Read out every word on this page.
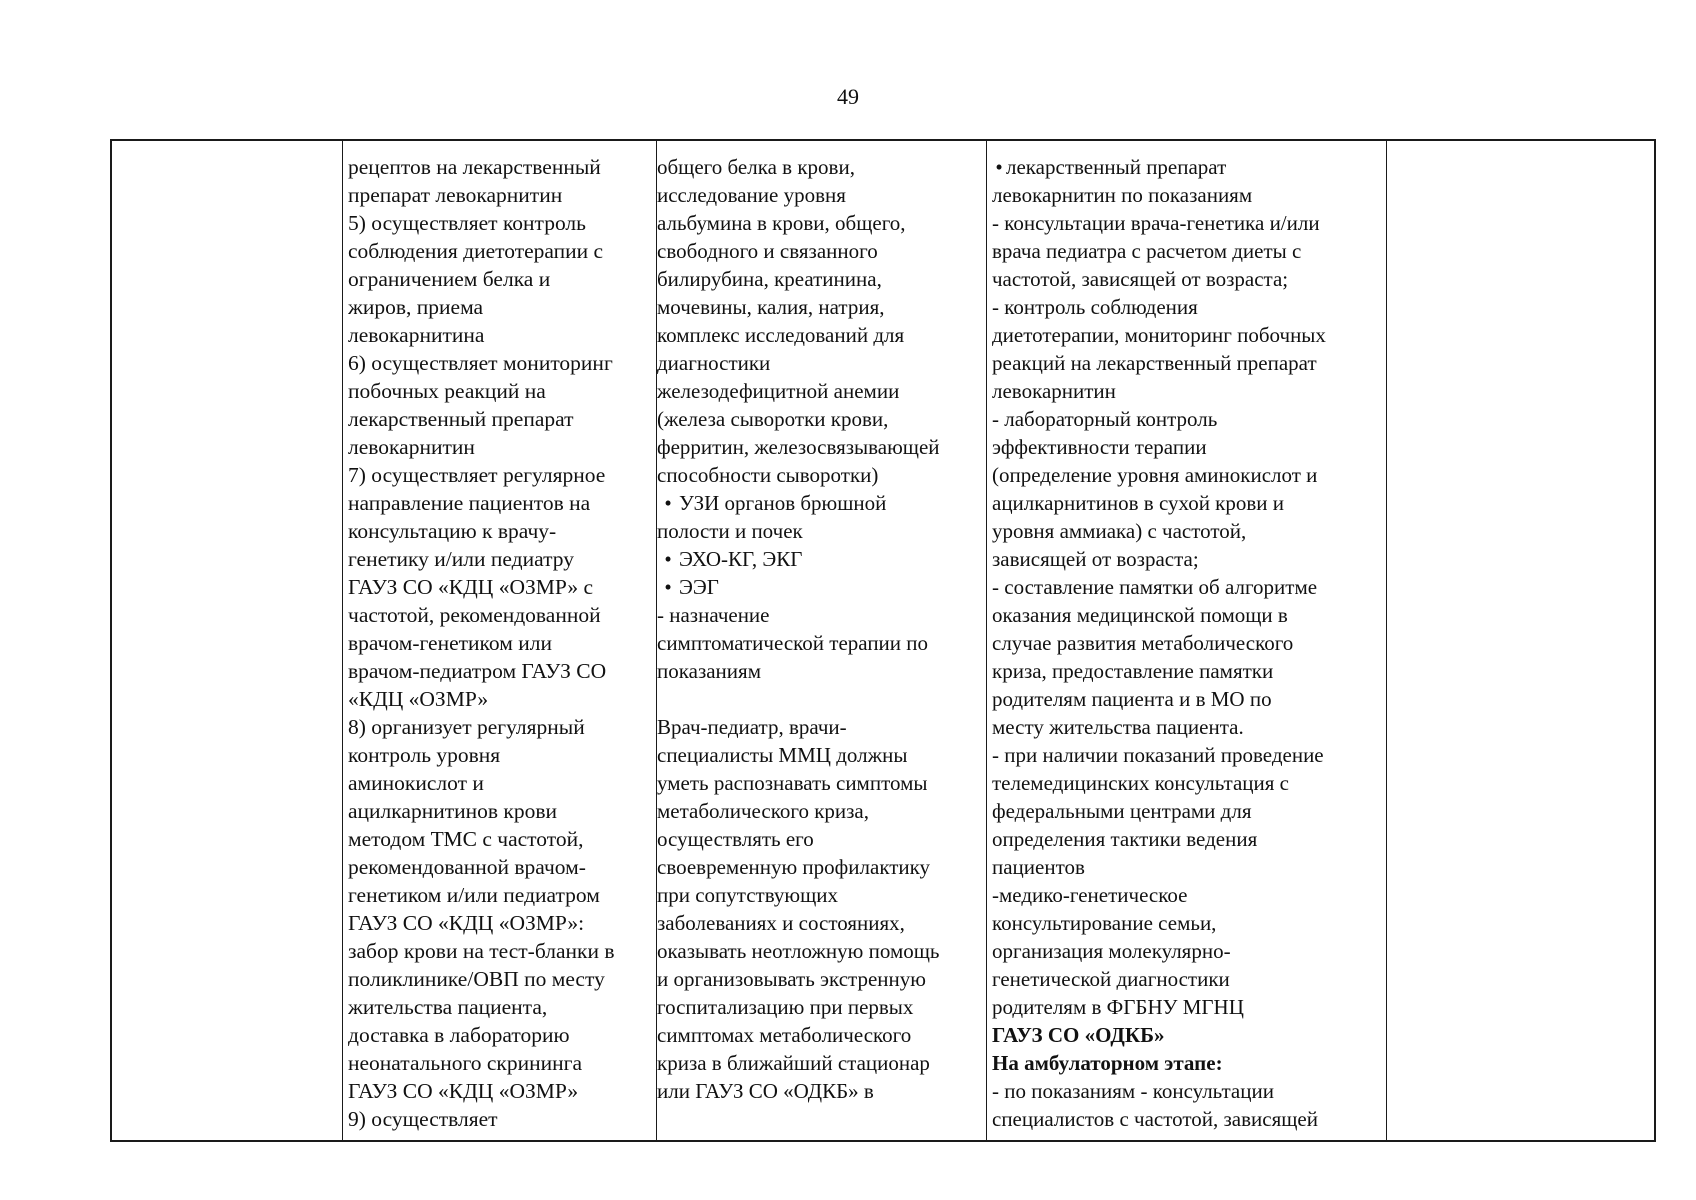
49
рецептов на лекарственный
препарат левокарнитин
5) осуществляет контроль
соблюдения диетотерапии с
ограничением белка и
жиров, приема
левокарнитина
6) осуществляет мониторинг
побочных реакций на
лекарственный препарат
левокарнитин
7) осуществляет регулярное
направление пациентов на
консультацию к врачу-
генетику и/или педиатру
ГАУЗ СО «КДЦ «ОЗМР» с
частотой, рекомендованной
врачом-генетиком или
врачом-педиатром ГАУЗ СО
«КДЦ «ОЗМР»
8) организует регулярный
контроль уровня
аминокислот и
ацилкарнитинов крови
методом ТМС с частотой,
рекомендованной врачом-
генетиком и/или педиатром
ГАУЗ СО «КДЦ «ОЗМР»:
забор крови на тест-бланки в
поликлинике/ОВП по месту
жительства пациента,
доставка в лабораторию
неонатального скрининга
ГАУЗ СО «КДЦ «ОЗМР»
9) осуществляет
общего белка в крови,
исследование уровня
альбумина в крови, общего,
свободного и связанного
билирубина, креатинина,
мочевины, калия, натрия,
комплекс исследований для
диагностики
железодефицитной анемии
(железа сыворотки крови,
ферритин, железосвязывающей
способности сыворотки)
• УЗИ органов брюшной
полости и почек
• ЭХО-КГ, ЭКГ
• ЭЭГ
- назначение
симптоматической терапии по
показаниям
Врач-педиатр, врачи-
специалисты ММЦ должны
уметь распознавать симптомы
метаболического криза,
осуществлять его
своевременную профилактику
при сопутствующих
заболеваниях и состояниях,
оказывать неотложную помощь
и организовывать экстренную
госпитализацию при первых
симптомах метаболического
криза в ближайший стационар
или ГАУЗ СО «ОДКБ» в
• лекарственный препарат
левокарнитин по показаниям
- консультации врача-генетика и/или
врача педиатра с расчетом диеты с
частотой, зависящей от возраста;
- контроль соблюдения
диетотерапии, мониторинг побочных
реакций на лекарственный препарат
левокарнитин
- лабораторный контроль
эффективности терапии
(определение уровня аминокислот и
ацилкарнитинов в сухой крови и
уровня аммиака) с частотой,
зависящей от возраста;
- составление памятки об алгоритме
оказания медицинской помощи в
случае развития метаболического
криза, предоставление памятки
родителям пациента и в МО по
месту жительства пациента.
- при наличии показаний проведение
телемедицинских консультация с
федеральными центрами для
определения тактики ведения
пациентов
-медико-генетическое
консультирование семьи,
организация молекулярно-
генетической диагностики
родителям в ФГБНУ МГНЦ
ГАУЗ СО «ОДКБ»
На амбулаторном этапе:
- по показаниям - консультации
специалистов с частотой, зависящей
